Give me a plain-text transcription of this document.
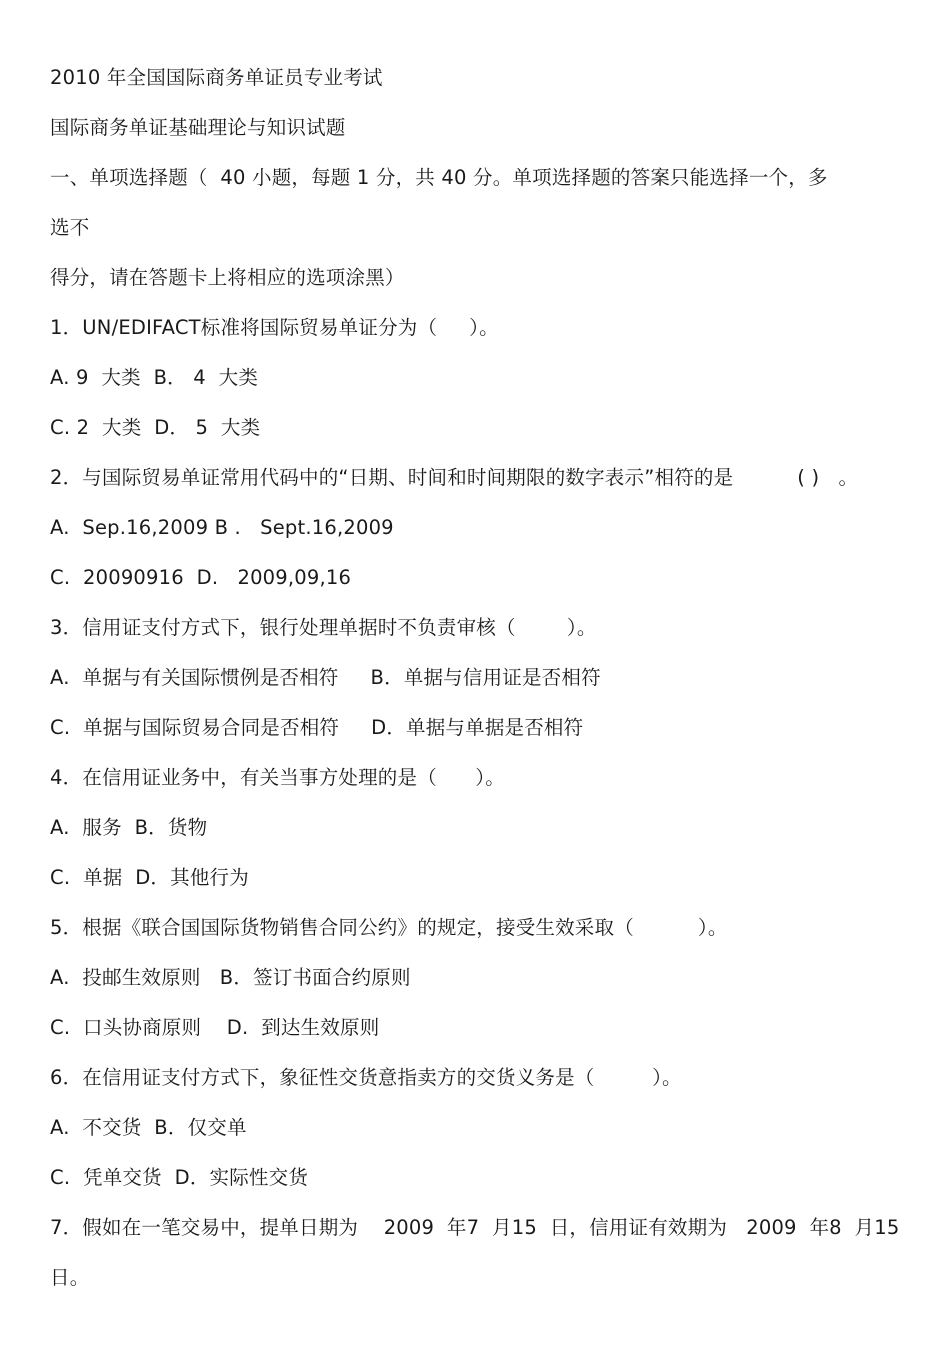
2010 年全国国际商务单证员专业考试
国际商务单证基础理论与知识试题
一、单项选择题（  40 小题，每题 1 分，共 40 分。单项选择题的答案只能选择一个，多
选不
得分，请在答题卡上将相应的选项涂黑）
1．UN/EDIFACT标准将国际贸易单证分为（     ）。
A. 9  大类  B． 4  大类
C. 2  大类  D． 5  大类
2．与国际贸易单证常用代码中的“日期、时间和时间期限的数字表示”相符的是          ( )   。
A.  Sep.16,2009 B .   Sept.16,2009
C.  20090916  D.   2009,09,16
3．信用证支付方式下，银行处理单据时不负责审核（        ）。
A.  单据与有关国际惯例是否相符     B．单据与信用证是否相符
C.  单据与国际贸易合同是否相符     D．单据与单据是否相符
4．在信用证业务中，有关当事方处理的是（      ）。
A.  服务  B．货物
C.  单据  D．其他行为
5．根据《联合国国际货物销售合同公约》的规定，接受生效采取（          ）。
A.  投邮生效原则   B．签订书面合约原则
C.  口头协商原则    D.  到达生效原则
6．在信用证支付方式下，象征性交货意指卖方的交货义务是（         ）。
A.  不交货  B．仅交单
C.  凭单交货  D．实际性交货
7．假如在一笔交易中，提单日期为    2009  年7  月15  日，信用证有效期为   2009  年8  月15
日。
